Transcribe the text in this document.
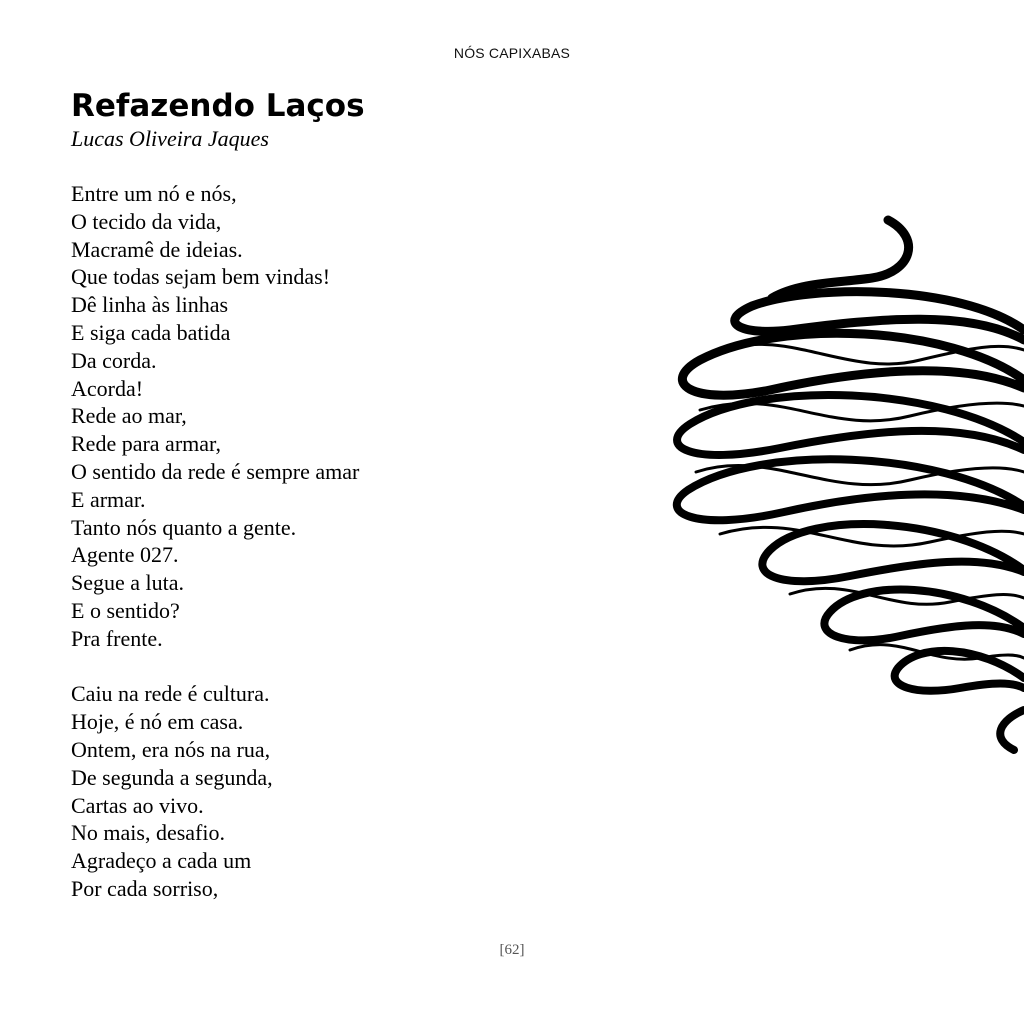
NÓS CAPIXABAS
Refazendo Laços

Lucas Oliveira Jaques

Entre um nó e nós,
O tecido da vida,
Macramê de ideias.
Que todas sejam bem vindas!
Dê linha às linhas
E siga cada batida
Da corda.
Acorda!
Rede ao mar,
Rede para armar,
O sentido da rede é sempre amar
E armar.
Tanto nós quanto a gente.
Agente 027.
Segue a luta.
E o sentido?
Pra frente.

Caiu na rede é cultura.
Hoje, é nó em casa.
Ontem, era nós na rua,
De segunda a segunda,
Cartas ao vivo.
No mais, desafio.
Agradeço a cada um
Por cada sorriso,

[62]
